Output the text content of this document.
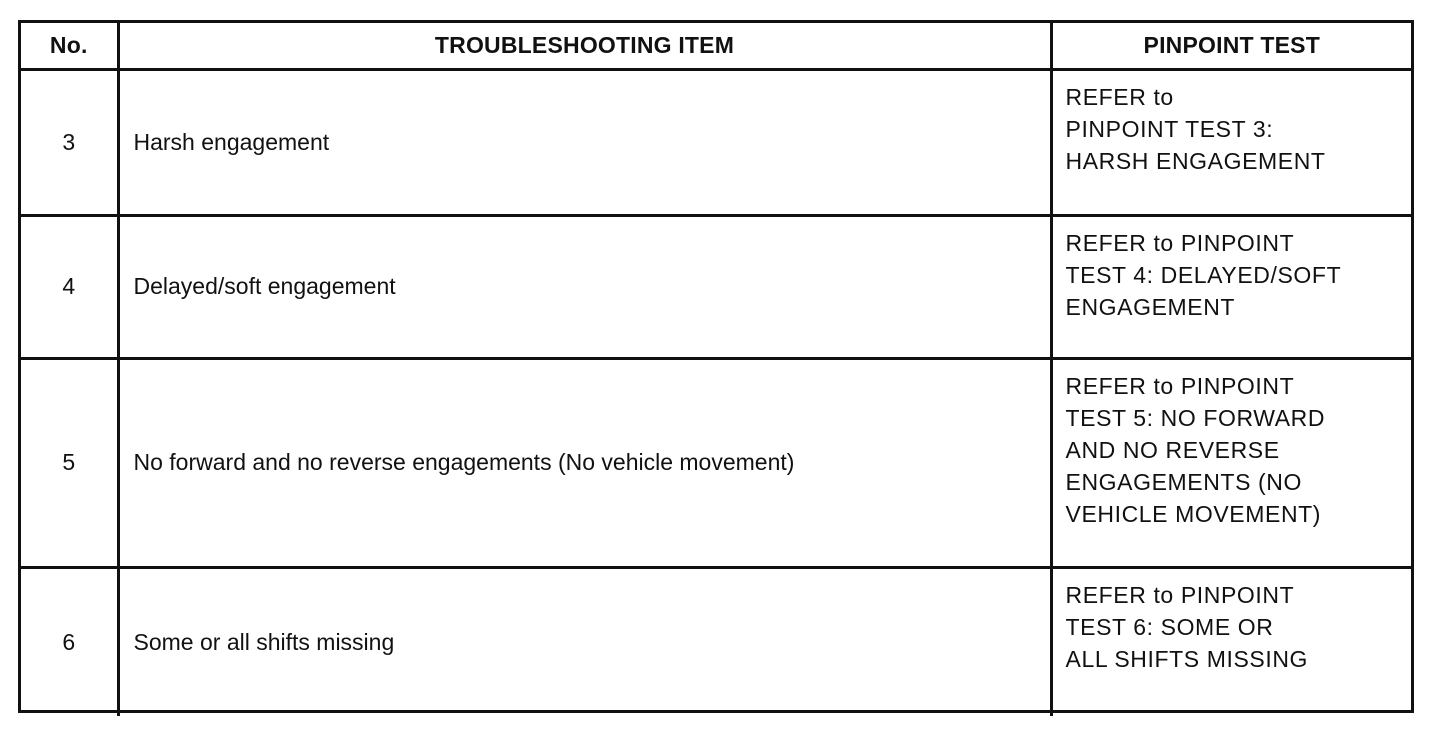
No.	TROUBLESHOOTING ITEM	PINPOINT TEST
3	Harsh engagement	REFER to
PINPOINT TEST 3:
HARSH ENGAGEMENT

4	Delayed/soft engagement	REFER to PINPOINT
TEST 4: DELAYED/SOFT
ENGAGEMENT

5	No forward and no reverse engagements (No vehicle movement)	REFER to PINPOINT
TEST 5: NO FORWARD
AND NO REVERSE
ENGAGEMENTS (NO
VEHICLE MOVEMENT)

6	Some or all shifts missing	REFER to PINPOINT
TEST 6: SOME OR
ALL SHIFTS MISSING
